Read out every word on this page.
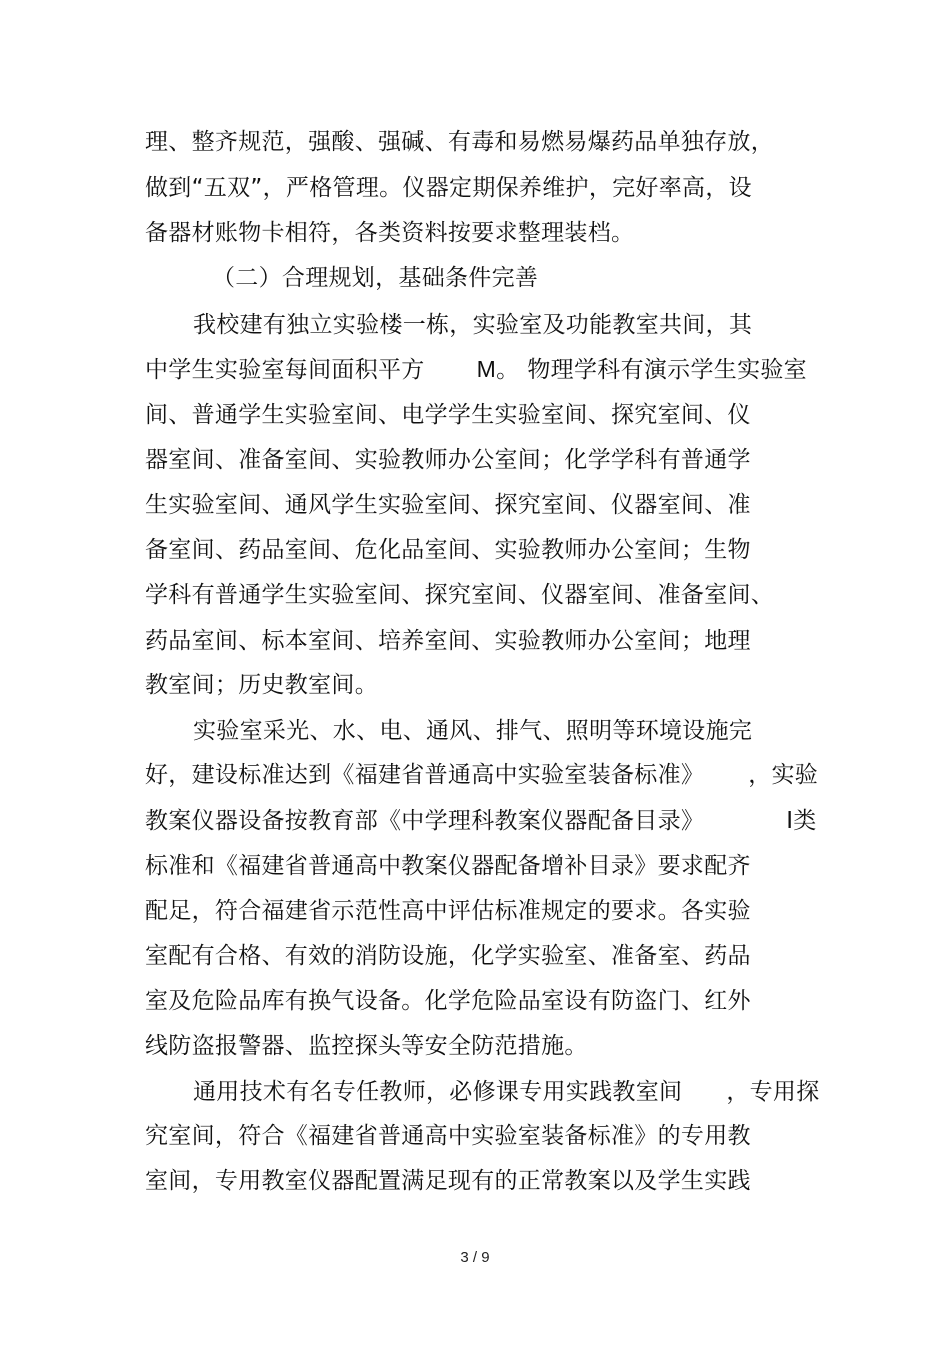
理、整齐规范，强酸、强碱、有毒和易燃易爆药品单独存放，
做到“五双”，严格管理。仪器定期保养维护，完好率高，设
备器材账物卡相符，各类资料按要求整理装档。
（二）合理规划，基础条件完善
我校建有独立实验楼一栋，实验室及功能教室共间，其
中学生实验室每间面积平方 M。 物理学科有演示学生实验室
间、普通学生实验室间、电学学生实验室间、探究室间、仪
器室间、准备室间、实验教师办公室间；化学学科有普通学
生实验室间、通风学生实验室间、探究室间、仪器室间、准
备室间、药品室间、危化品室间、实验教师办公室间；生物
学科有普通学生实验室间、探究室间、仪器室间、准备室间、
药品室间、标本室间、培养室间、实验教师办公室间；地理
教室间；历史教室间。
实验室采光、水、电、通风、排气、照明等环境设施完
好，建设标准达到《福建省普通高中实验室装备标准》 ，实验
教案仪器设备按教育部《中学理科教案仪器配备目录》	Ⅰ类
标准和《福建省普通高中教案仪器配备增补目录》要求配齐
配足，符合福建省示范性高中评估标准规定的要求。各实验
室配有合格、有效的消防设施，化学实验室、准备室、药品
室及危险品库有换气设备。化学危险品室设有防盗门、红外
线防盗报警器、监控探头等安全防范措施。
通用技术有名专任教师，必修课专用实践教室间 ，专用探
究室间，符合《福建省普通高中实验室装备标准》的专用教
室间，专用教室仪器配置满足现有的正常教案以及学生实践
3 / 9
